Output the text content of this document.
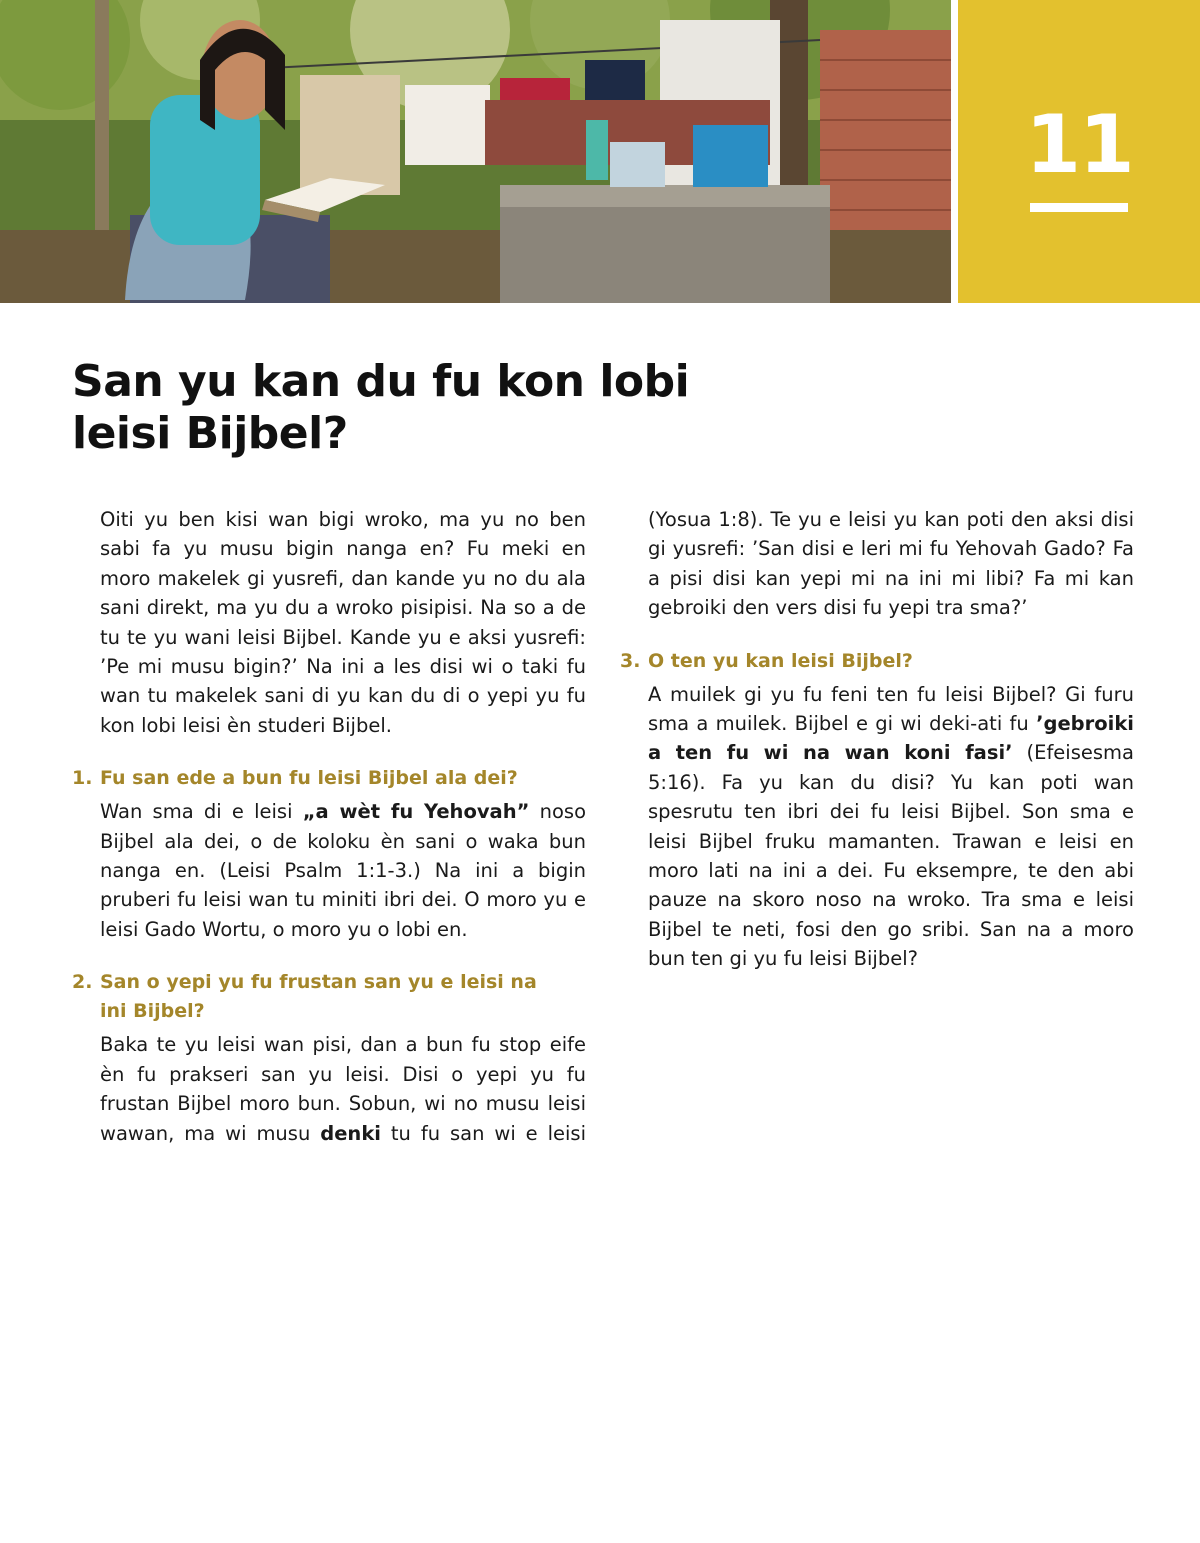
11
San yu kan du fu kon lobi
leisi Bijbel?

Oiti yu ben kisi wan bigi wroko, ma yu no ben sabi fa yu musu bigin nanga en? Fu meki en moro makelek gi yusrefi, dan kande yu no du ala sani direkt, ma yu du a wroko pisipisi. Na so a de tu te yu wani leisi Bijbel. Kande yu e aksi yusrefi: ’Pe mi musu bigin?’ Na ini a les disi wi o taki fu wan tu makelek sani di yu kan du di o yepi yu fu kon lobi leisi èn studeri Bijbel.

1. Fu san ede a bun fu leisi Bijbel ala dei?

Wan sma di e leisi „a wèt fu Yehovah” noso Bijbel ala dei, o de koloku èn sani o waka bun nanga en. (Leisi Psalm 1:1-3.) Na ini a bigin pruberi fu leisi wan tu miniti ibri dei. O moro yu e leisi Gado Wortu, o moro yu o lobi en.

2. San o yepi yu fu frustan san yu e leisi na
ini Bijbel?

Baka te yu leisi wan pisi, dan a bun fu stop eife èn fu prakseri san yu leisi. Disi o yepi yu fu frustan Bijbel moro bun. Sobun, wi no musu leisi wawan, ma wi musu denki tu fu san wi e leisi

(Yosua 1:8). Te yu e leisi yu kan poti den aksi disi gi yusrefi: ’San disi e leri mi fu Yehovah Gado? Fa a pisi disi kan yepi mi na ini mi libi? Fa mi kan gebroiki den vers disi fu yepi tra sma?’

3. O ten yu kan leisi Bijbel?

A muilek gi yu fu feni ten fu leisi Bijbel? Gi furu sma a muilek. Bijbel e gi wi deki-ati fu ’gebroiki a ten fu wi na wan koni fasi’ (Efeisesma 5:16). Fa yu kan du disi? Yu kan poti wan spesrutu ten ibri dei fu leisi Bijbel. Son sma e leisi Bijbel fruku mamanten. Trawan e leisi en moro lati na ini a dei. Fu eksempre, te den abi pauze na skoro noso na wroko. Tra sma e leisi Bijbel te neti, fosi den go sribi. San na a moro bun ten gi yu fu leisi Bijbel?
